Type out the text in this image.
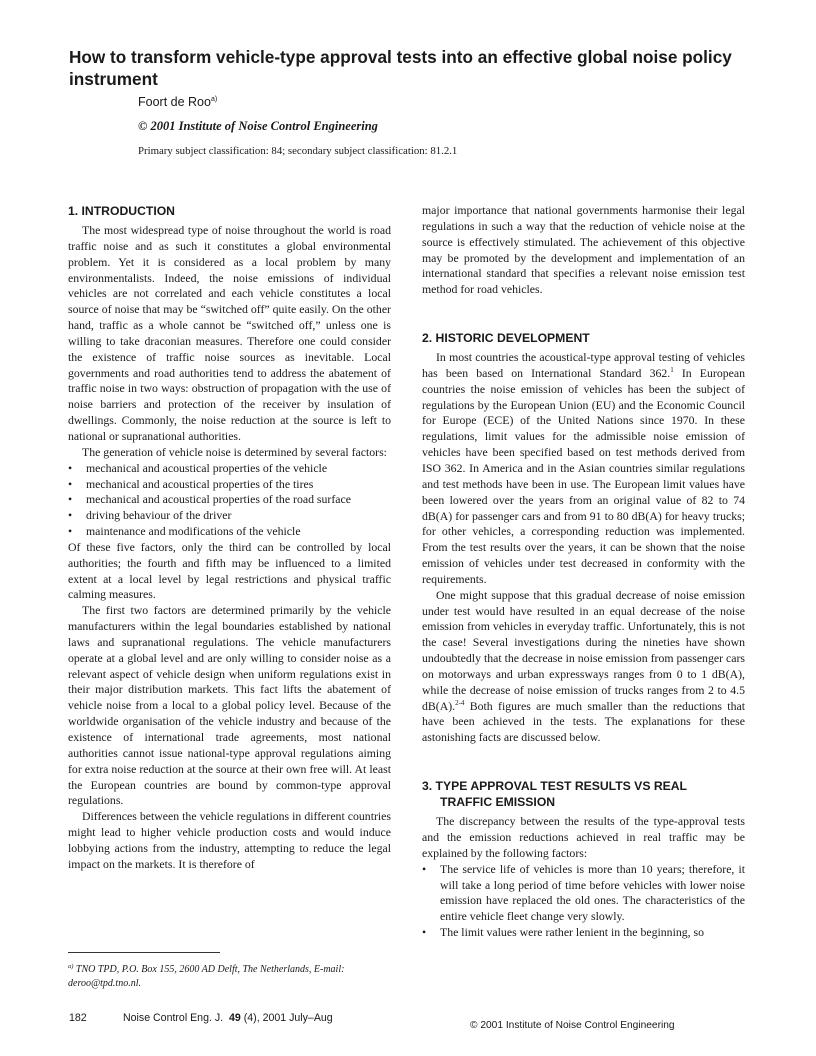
How to transform vehicle-type approval tests into an effective global noise policy instrument
Foort de Roo$^{a)}$
© 2001 Institute of Noise Control Engineering
Primary subject classification: 84; secondary subject classification: 81.2.1
1. INTRODUCTION

The most widespread type of noise throughout the world is road traffic noise and as such it constitutes a global environmental problem. Yet it is considered as a local problem by many environmentalists. Indeed, the noise emissions of individual vehicles are not correlated and each vehicle constitutes a local source of noise that may be “switched off” quite easily. On the other hand, traffic as a whole cannot be “switched off,” unless one is willing to take draconian measures. Therefore one could consider the existence of traffic noise sources as inevitable. Local governments and road authorities tend to address the abatement of traffic noise in two ways: obstruction of propagation with the use of noise barriers and protection of the receiver by insulation of dwellings. Commonly, the noise reduction at the source is left to national or supranational authorities.

The generation of vehicle noise is determined by several factors:

• mechanical and acoustical properties of the vehicle
• mechanical and acoustical properties of the tires
• mechanical and acoustical properties of the road surface
• driving behaviour of the driver
• maintenance and modifications of the vehicle

Of these five factors, only the third can be controlled by local authorities; the fourth and fifth may be influenced to a limited extent at a local level by legal restrictions and physical traffic calming measures.

The first two factors are determined primarily by the vehicle manufacturers within the legal boundaries established by national laws and supranational regulations. The vehicle manufacturers operate at a global level and are only willing to consider noise as a relevant aspect of vehicle design when uniform regulations exist in their major distribution markets. This fact lifts the abatement of vehicle noise from a local to a global policy level. Because of the worldwide organisation of the vehicle industry and because of the existence of international trade agreements, most national authorities cannot issue national-type approval regulations aiming for extra noise reduction at the source at their own free will. At least the European countries are bound by common-type approval regulations.

Differences between the vehicle regulations in different countries might lead to higher vehicle production costs and would induce lobbying actions from the industry, attempting to reduce the legal impact on the markets. It is therefore of

major importance that national governments harmonise their legal regulations in such a way that the reduction of vehicle noise at the source is effectively stimulated. The achievement of this objective may be promoted by the development and implementation of an international standard that specifies a relevant noise emission test method for road vehicles.

2. HISTORIC DEVELOPMENT

In most countries the acoustical-type approval testing of vehicles has been based on International Standard 362.$^1$ In European countries the noise emission of vehicles has been the subject of regulations by the European Union (EU) and the Economic Council for Europe (ECE) of the United Nations since 1970. In these regulations, limit values for the admissible noise emission of vehicles have been specified based on test methods derived from ISO 362. In America and in the Asian countries similar regulations and test methods have been in use. The European limit values have been lowered over the years from an original value of 82 to 74 dB(A) for passenger cars and from 91 to 80 dB(A) for heavy trucks; for other vehicles, a corresponding reduction was implemented. From the test results over the years, it can be shown that the noise emission of vehicles under test decreased in conformity with the requirements.

One might suppose that this gradual decrease of noise emission under test would have resulted in an equal decrease of the noise emission from vehicles in everyday traffic. Unfortunately, this is not the case! Several investigations during the nineties have shown undoubtedly that the decrease in noise emission from passenger cars on motorways and urban expressways ranges from 0 to 1 dB(A), while the decrease of noise emission of trucks ranges from 2 to 4.5 dB(A).$^{2-4}$ Both figures are much smaller than the reductions that have been achieved in the tests. The explanations for these astonishing facts are discussed below.

3. TYPE APPROVAL TEST RESULTS VS REAL
TRAFFIC EMISSION

The discrepancy between the results of the type-approval tests and the emission reductions achieved in real traffic may be explained by the following factors:

• The service life of vehicles is more than 10 years; therefore, it will take a long period of time before vehicles with lower noise emission have replaced the old ones. The characteristics of the entire vehicle fleet change very slowly.
• The limit values were rather lenient in the beginning, so
$^{a)}$ TNO TPD, P.O. Box 155, 2600 AD Delft, The Netherlands, E-mail: deroo@tpd.tno.nl.
182	Noise Control Eng. J. 49 (4), 2001 July–Aug
© 2001 Institute of Noise Control Engineering
